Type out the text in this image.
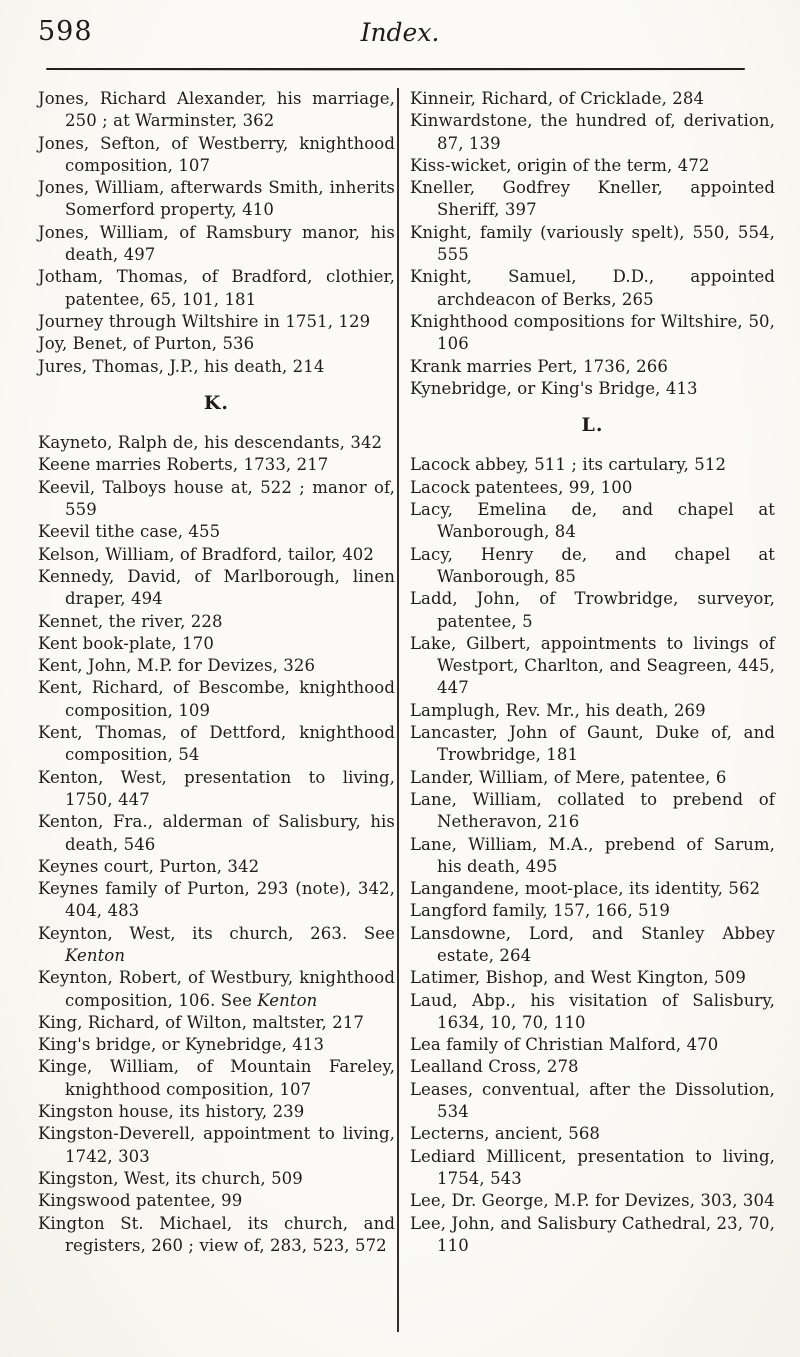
598	Index.
Jones, Richard Alexander, his marriage, 250 ; at Warminster, 362
Jones, Sefton, of Westberry, knighthood composition, 107
Jones, William, afterwards Smith, inherits Somerford property, 410
Jones, William, of Ramsbury manor, his death, 497
Jotham, Thomas, of Bradford, clothier, patentee, 65, 101, 181
Journey through Wiltshire in 1751, 129
Joy, Benet, of Purton, 536
Jures, Thomas, J.P., his death, 214
K.
Kayneto, Ralph de, his descendants, 342
Keene marries Roberts, 1733, 217
Keevil, Talboys house at, 522 ; manor of, 559
Keevil tithe case, 455
Kelson, William, of Bradford, tailor, 402
Kennedy, David, of Marlborough, linen draper, 494
Kennet, the river, 228
Kent book-plate, 170
Kent, John, M.P. for Devizes, 326
Kent, Richard, of Bescombe, knighthood composition, 109
Kent, Thomas, of Dettford, knighthood composition, 54
Kenton, West, presentation to living, 1750, 447
Kenton, Fra., alderman of Salisbury, his death, 546
Keynes court, Purton, 342
Keynes family of Purton, 293 (note), 342, 404, 483
Keynton, West, its church, 263. See Kenton
Keynton, Robert, of Westbury, knighthood composition, 106. See Kenton
King, Richard, of Wilton, maltster, 217
King's bridge, or Kynebridge, 413
Kinge, William, of Mountain Fareley, knighthood composition, 107
Kingston house, its history, 239
Kingston-Deverell, appointment to living, 1742, 303
Kingston, West, its church, 509
Kingswood patentee, 99
Kington St. Michael, its church, and registers, 260 ; view of, 283, 523, 572
Kinneir, Richard, of Cricklade, 284
Kinwardstone, the hundred of, derivation, 87, 139
Kiss-wicket, origin of the term, 472
Kneller, Godfrey Kneller, appointed Sheriff, 397
Knight, family (variously spelt), 550, 554, 555
Knight, Samuel, D.D., appointed archdeacon of Berks, 265
Knighthood compositions for Wiltshire, 50, 106
Krank marries Pert, 1736, 266
Kynebridge, or King's Bridge, 413
L.
Lacock abbey, 511 ; its cartulary, 512
Lacock patentees, 99, 100
Lacy, Emelina de, and chapel at Wanborough, 84
Lacy, Henry de, and chapel at Wanborough, 85
Ladd, John, of Trowbridge, surveyor, patentee, 5
Lake, Gilbert, appointments to livings of Westport, Charlton, and Seagreen, 445, 447
Lamplugh, Rev. Mr., his death, 269
Lancaster, John of Gaunt, Duke of, and Trowbridge, 181
Lander, William, of Mere, patentee, 6
Lane, William, collated to prebend of Netheravon, 216
Lane, William, M.A., prebend of Sarum, his death, 495
Langandene, moot-place, its identity, 562
Langford family, 157, 166, 519
Lansdowne, Lord, and Stanley Abbey estate, 264
Latimer, Bishop, and West Kington, 509
Laud, Abp., his visitation of Salisbury, 1634, 10, 70, 110
Lea family of Christian Malford, 470
Lealland Cross, 278
Leases, conventual, after the Dissolution, 534
Lecterns, ancient, 568
Lediard Millicent, presentation to living, 1754, 543
Lee, Dr. George, M.P. for Devizes, 303, 304
Lee, John, and Salisbury Cathedral, 23, 70, 110
